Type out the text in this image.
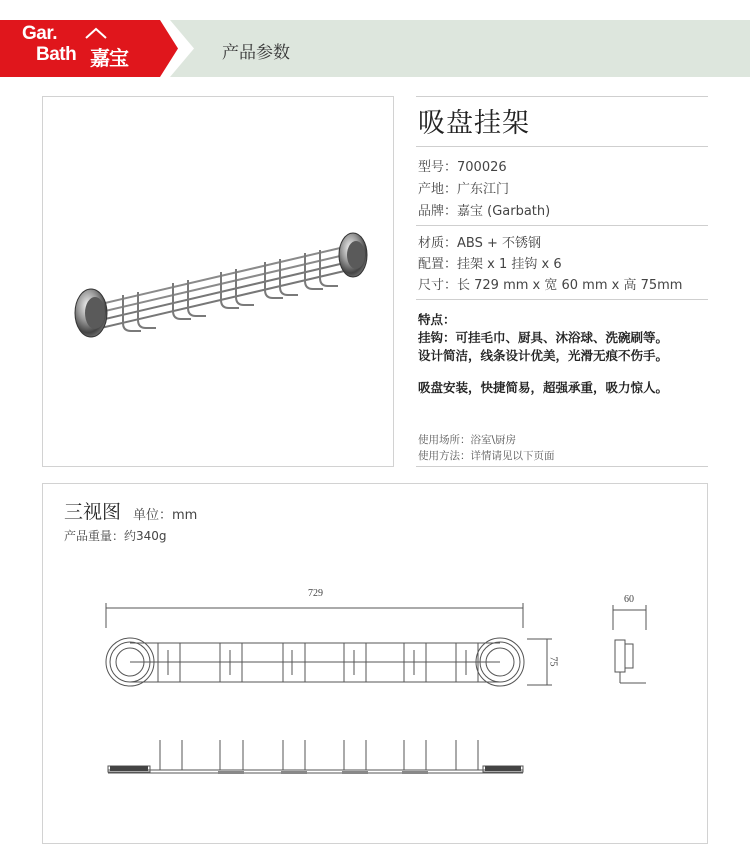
Gar.
Bath 嘉宝	产品参数
吸盘挂架
型号：700026
产地：广东江门
品牌：嘉宝 (Garbath)
材质：ABS + 不锈钢
配置：挂架 x 1 挂钩 x 6
尺寸：长 729 mm x 宽 60 mm x 高 75mm
特点：
挂钩：可挂毛巾、厨具、沐浴球、洗碗刷等。
设计简洁，线条设计优美，光滑无痕不伤手。
吸盘安装，快捷简易，超强承重，吸力惊人。
使用场所：浴室\厨房
使用方法：详情请见以下页面
三视图 单位：mm
产品重量：约340g
729
75
60
